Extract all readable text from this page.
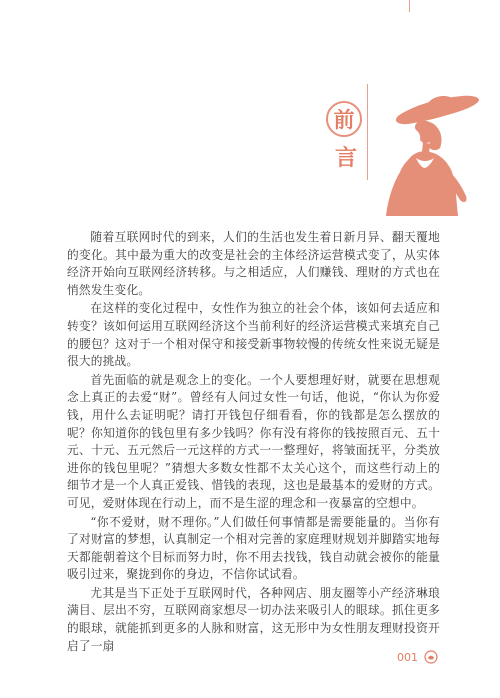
前
言

随着互联网时代的到来，人们的生活也发生着日新月异、翻天覆地的变化。其中最为重大的改变是社会的主体经济运营模式变了，从实体经济开始向互联网经济转移。与之相适应，人们赚钱、理财的方式也在悄然发生变化。

在这样的变化过程中，女性作为独立的社会个体，该如何去适应和转变？该如何运用互联网经济这个当前利好的经济运营模式来填充自己的腰包？这对于一个相对保守和接受新事物较慢的传统女性来说无疑是很大的挑战。

首先面临的就是观念上的变化。一个人要想理好财，就要在思想观念上真正的去爱“财”。曾经有人问过女性一句话，他说，“你认为你爱钱，用什么去证明呢？请打开钱包仔细看看，你的钱都是怎么摆放的呢？你知道你的钱包里有多少钱吗？你有没有将你的钱按照百元、五十元、十元、五元然后一元这样的方式一一整理好，将皱面抚平，分类放进你的钱包里呢？”猜想大多数女性都不太关心这个，而这些行动上的细节才是一个人真正爱钱、惜钱的表现，这也是最基本的爱财的方式。可见，爱财体现在行动上，而不是生涩的理念和一夜暴富的空想中。

“你不爱财，财不理你。”人们做任何事情都是需要能量的。当你有了对财富的梦想，认真制定一个相对完善的家庭理财规划并脚踏实地每天都能朝着这个目标而努力时，你不用去找钱，钱自动就会被你的能量吸引过来，聚拢到你的身边，不信你试试看。

尤其是当下正处于互联网时代，各种网店、朋友圈等小产经济琳琅满目、层出不穷，互联网商家想尽一切办法来吸引人的眼球。抓住更多的眼球，就能抓到更多的人脉和财富，这无形中为女性朋友理财投资开启了一扇

001
